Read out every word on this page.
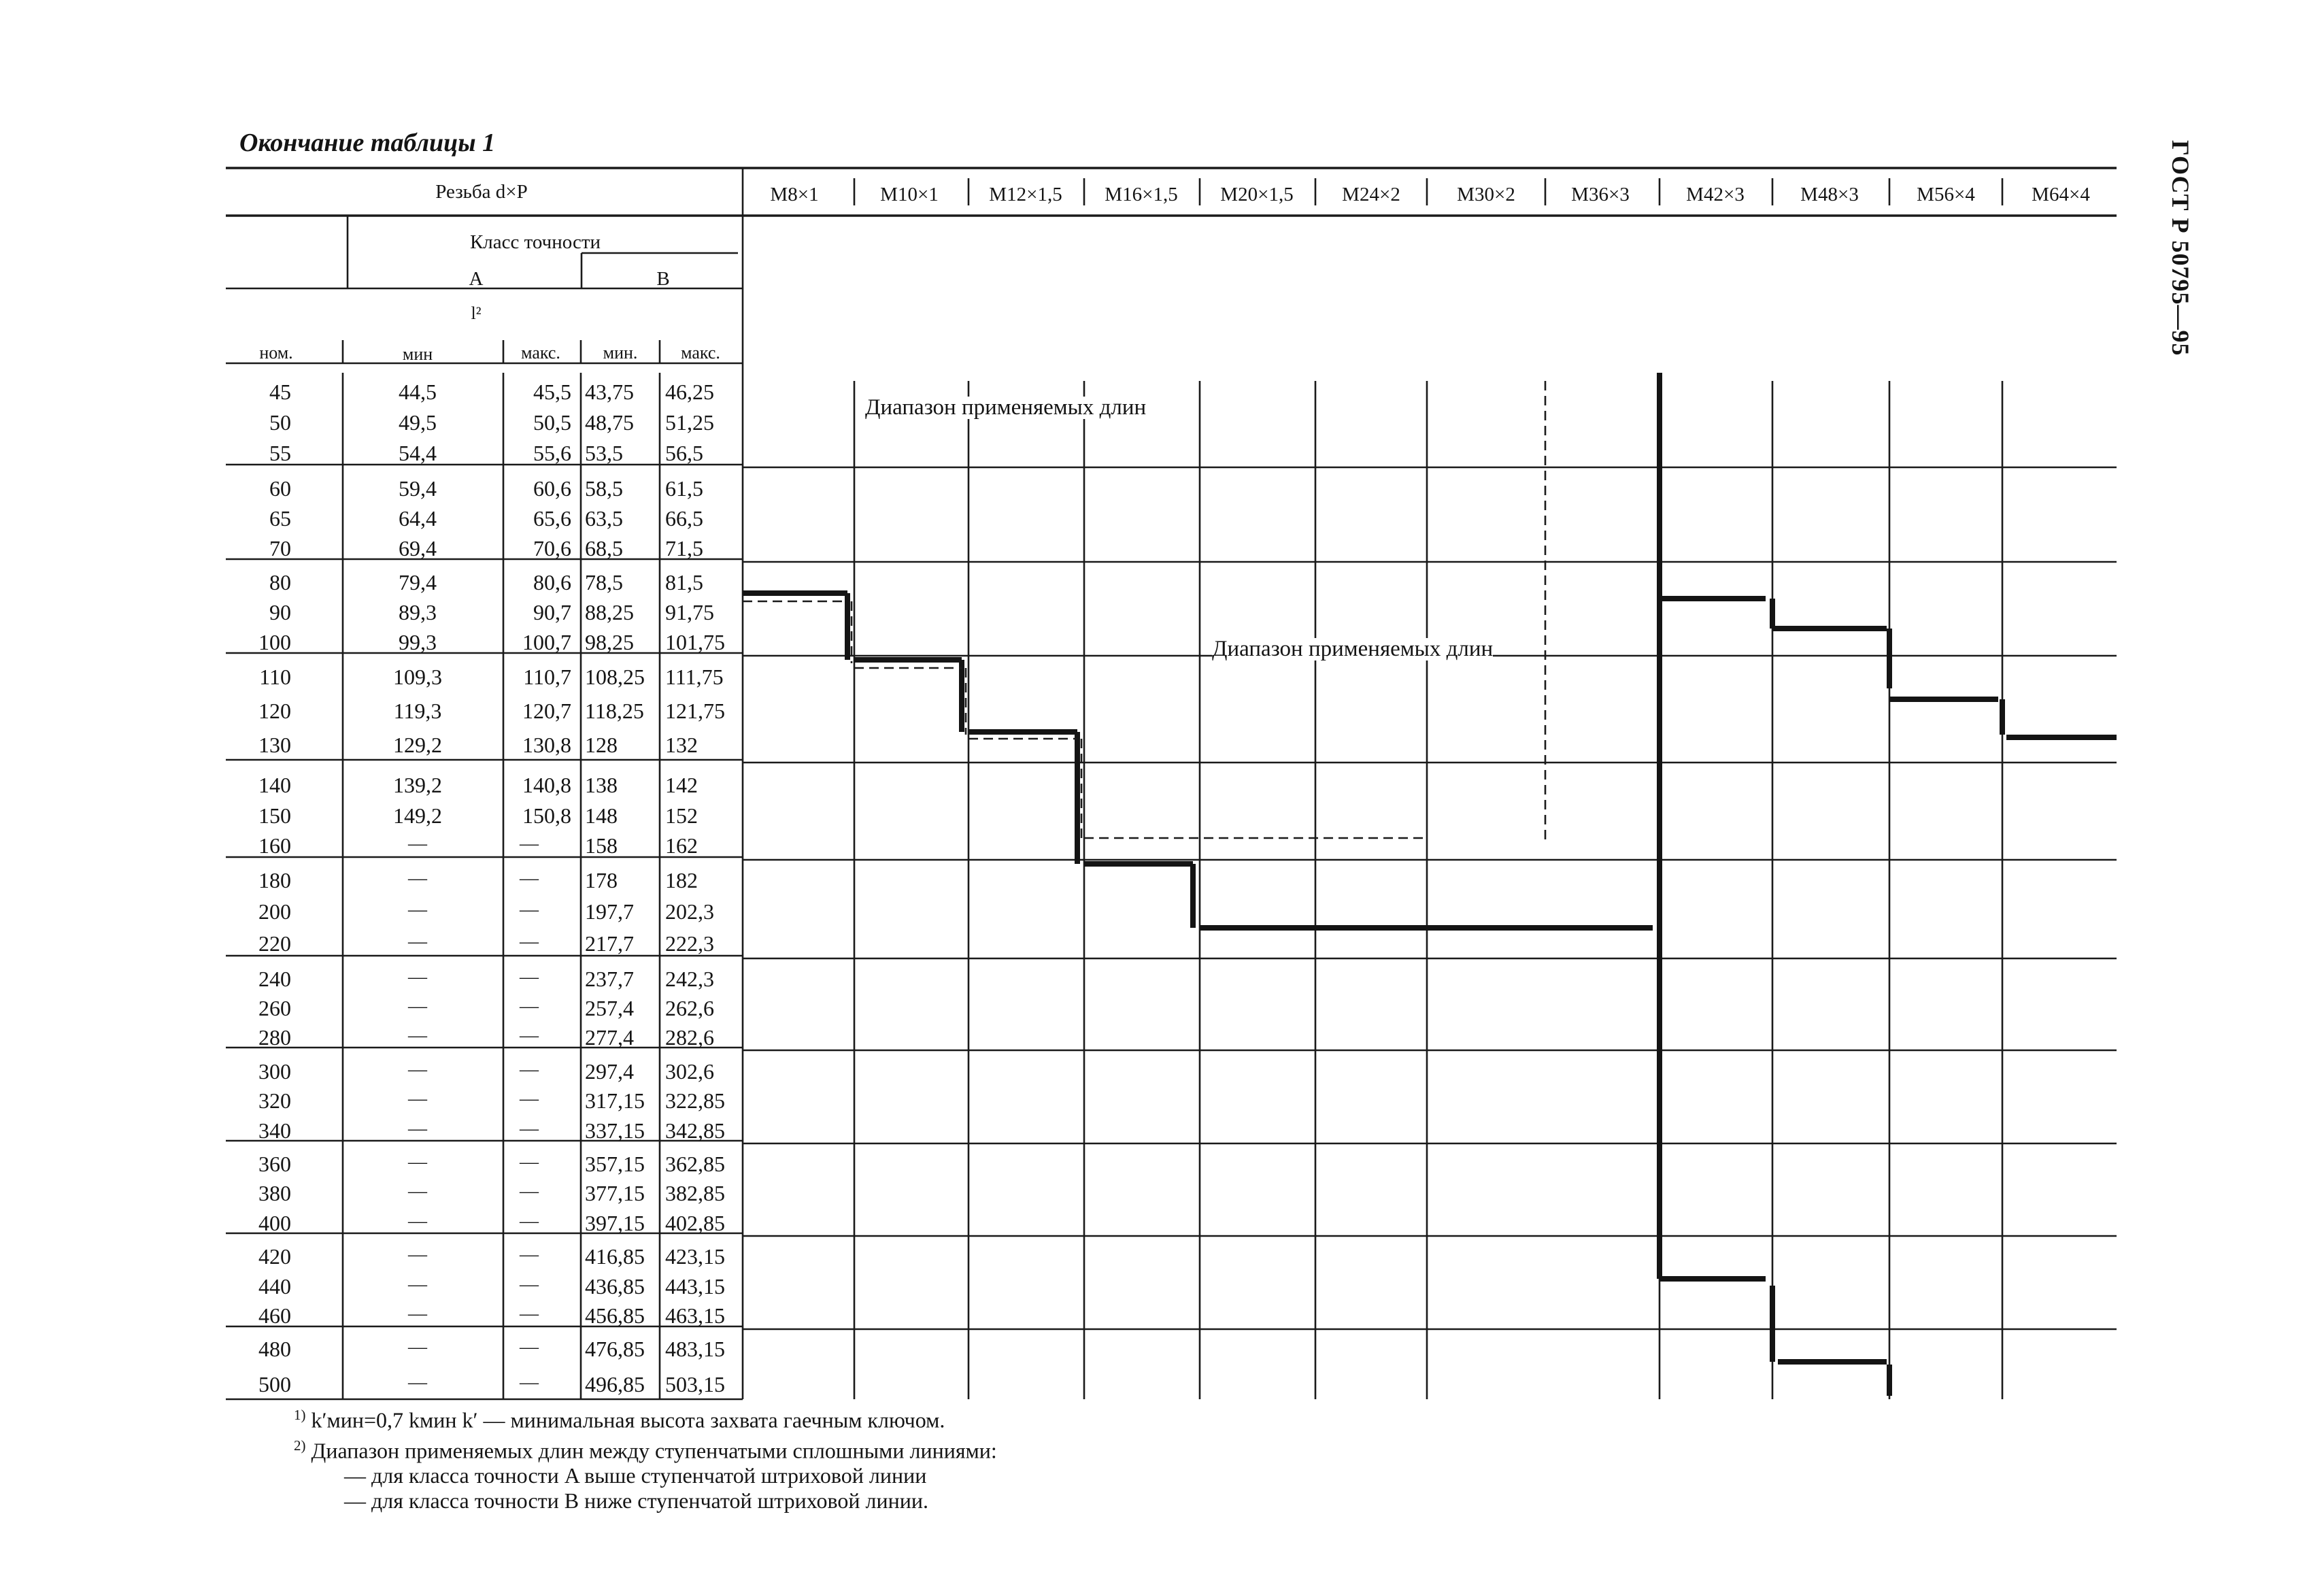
Окончание таблицы 1	ГОСТ Р 50795—95
Резьба d×P
Класс точности
A	B
l²
ном.	мин	макс. мин. макс.
M8×1	M10×1	M12×1,5 M16×1,5 M20×1,5 M24×2	M30×2	M36×3	M42×3	M48×3	M56×4	M64×4
Диапазон применяемых длин
Диапазон применяемых длин
45	44,5	45,5 43,75 46,25
50	49,5	50,5 48,75 51,25
55	54,4	55,6 53,5 56,5
60	59,4	60,6 58,5 61,5
65	64,4	65,6 63,5 66,5
70	69,4	70,6 68,5 71,5
80	79,4	80,6 78,5 81,5
90	89,3	90,7 88,25 91,75
100	99,3	100,7 98,25 101,75
110	109,3	110,7 108,25 111,75
120	119,3	120,7 118,25 121,75
130	129,2	130,8 128 132
140	139,2	140,8 138 142
150	149,2	150,8 148 152
160	—	— 158 162
180	—	— 178 182
200	—	— 197,7 202,3
220	—	— 217,7 222,3
240	—	— 237,7 242,3
260	—	— 257,4 262,6
280	—	— 277,4 282,6
300	—	— 297,4 302,6
320	—	— 317,15 322,85
340	—	— 337,15 342,85
360	—	— 357,15 362,85
380	—	— 377,15 382,85
400	—	— 397,15 402,85
420	—	— 416,85 423,15
440	—	— 436,85 443,15
460	—	— 456,85 463,15
480	—	— 476,85 483,15
500	—	— 496,85 503,15
$^{1)}$ k′мин=0,7 kмин k′ — минимальная высота захвата гаечным ключом.
$^{2)}$ Диапазон применяемых длин между ступенчатыми сплошными линиями:
— для класса точности A выше ступенчатой штриховой линии
— для класса точности B ниже ступенчатой штриховой линии.
